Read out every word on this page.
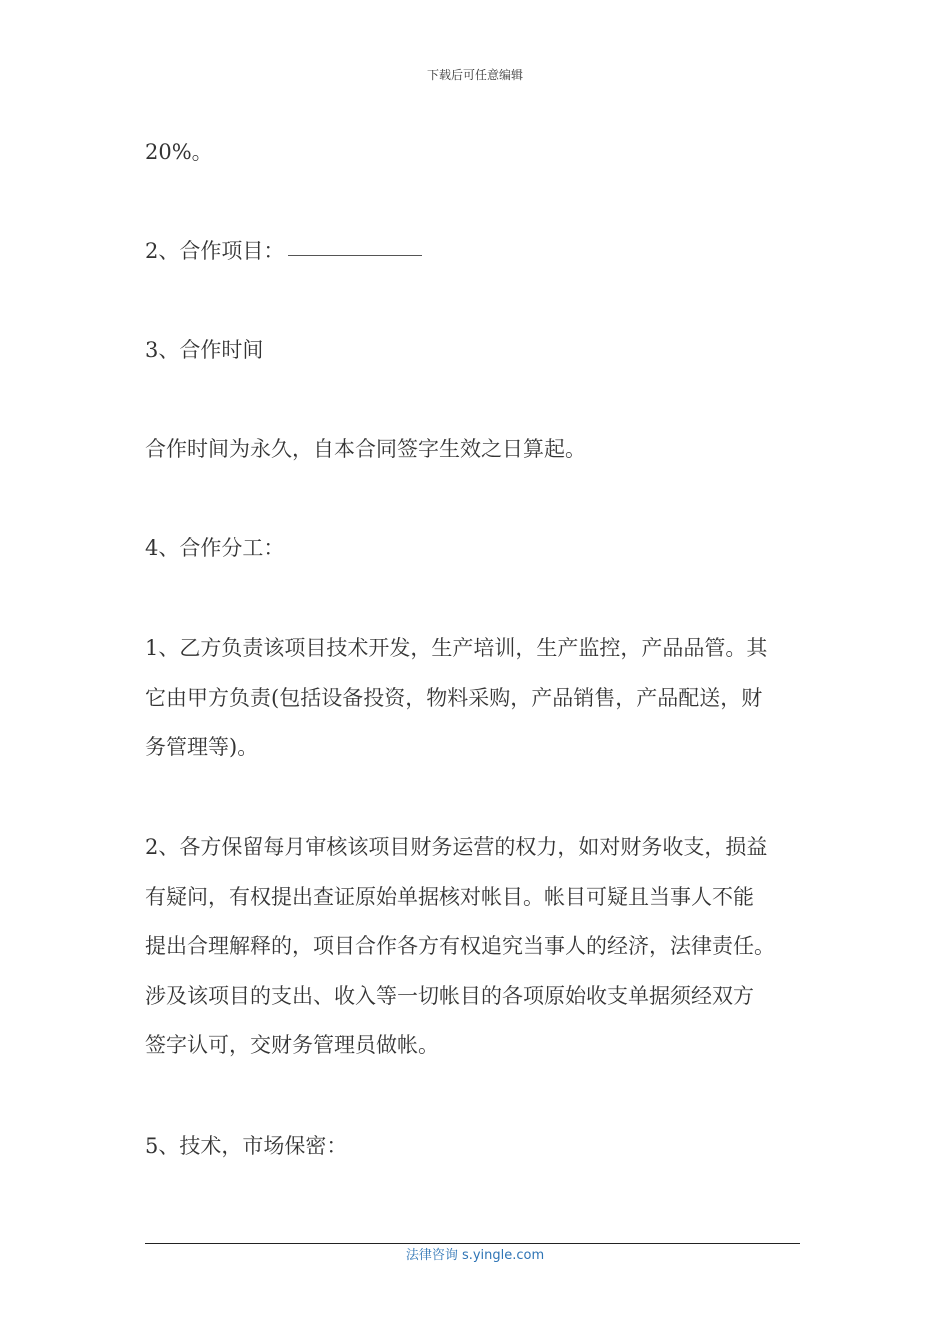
下载后可任意编辑

20%。

2、合作项目：

3、合作时间

合作时间为永久，自本合同签字生效之日算起。

4、合作分工：

1、乙方负责该项目技术开发，生产培训，生产监控，产品品管。其
它由甲方负责(包括设备投资，物料采购，产品销售，产品配送，财
务管理等)。

2、各方保留每月审核该项目财务运营的权力，如对财务收支，损益
有疑问，有权提出查证原始单据核对帐目。帐目可疑且当事人不能
提出合理解释的，项目合作各方有权追究当事人的经济，法律责任。
涉及该项目的支出、收入等一切帐目的各项原始收支单据须经双方
签字认可，交财务管理员做帐。

5、技术，市场保密：

法律咨询 s.yingle.com
